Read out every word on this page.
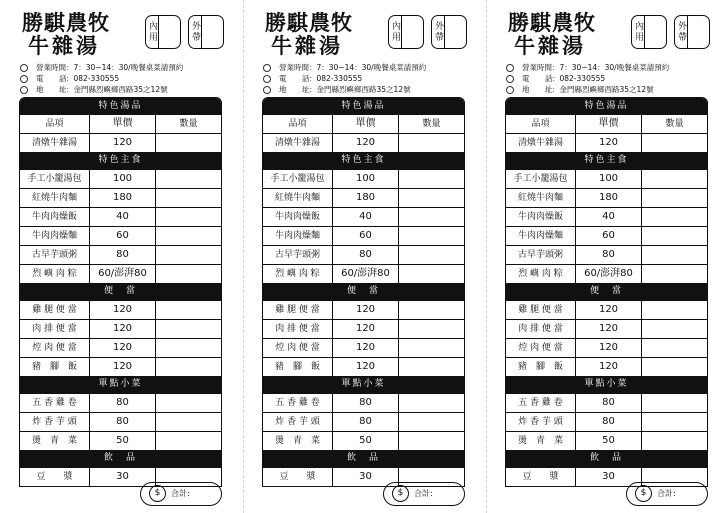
勝騏農牧
牛雜湯
內用	外帶
營業時間：7：30~14：30/晚餐桌菜請預約
電　話
：082-330555
地　址
：金門縣烈嶼鄉西路35之12號
特色湯品
品項	單價	數量
清燉牛雜湯	120
特色主食
手工小籠湯包	100
紅燒牛肉麵	180
牛肉肉燥飯	40
牛肉肉燥麵	60
古早芋頭粥	80
烈 嶼 肉 粽	60/澎湃80
便　當
雞 腿 便 當	120
肉 排 便 當	120
焢 肉 便 當	120
豬　腳　飯	120
單點小菜
五 香 雞 卷	80
炸 香 芋 頭	80
燙　青　菜	50
飲　品
豆　　漿	30
$	合計:
勝騏農牧
牛雜湯
內用	外帶
營業時間：7：30~14：30/晚餐桌菜請預約
電　話
：082-330555
地　址
：金門縣烈嶼鄉西路35之12號
特色湯品
品項	單價	數量
清燉牛雜湯	120
特色主食
手工小籠湯包	100
紅燒牛肉麵	180
牛肉肉燥飯	40
牛肉肉燥麵	60
古早芋頭粥	80
烈 嶼 肉 粽	60/澎湃80
便　當
雞 腿 便 當	120
肉 排 便 當	120
焢 肉 便 當	120
豬　腳　飯	120
單點小菜
五 香 雞 卷	80
炸 香 芋 頭	80
燙　青　菜	50
飲　品
豆　　漿	30
$	合計:
勝騏農牧
牛雜湯
內用	外帶
營業時間：7：30~14：30/晚餐桌菜請預約
電　話
：082-330555
地　址
：金門縣烈嶼鄉西路35之12號
特色湯品
品項	單價	數量
清燉牛雜湯	120
特色主食
手工小籠湯包	100
紅燒牛肉麵	180
牛肉肉燥飯	40
牛肉肉燥麵	60
古早芋頭粥	80
烈 嶼 肉 粽	60/澎湃80
便　當
雞 腿 便 當	120
肉 排 便 當	120
焢 肉 便 當	120
豬　腳　飯	120
單點小菜
五 香 雞 卷	80
炸 香 芋 頭	80
燙　青　菜	50
飲　品
豆　　漿	30
$	合計:
